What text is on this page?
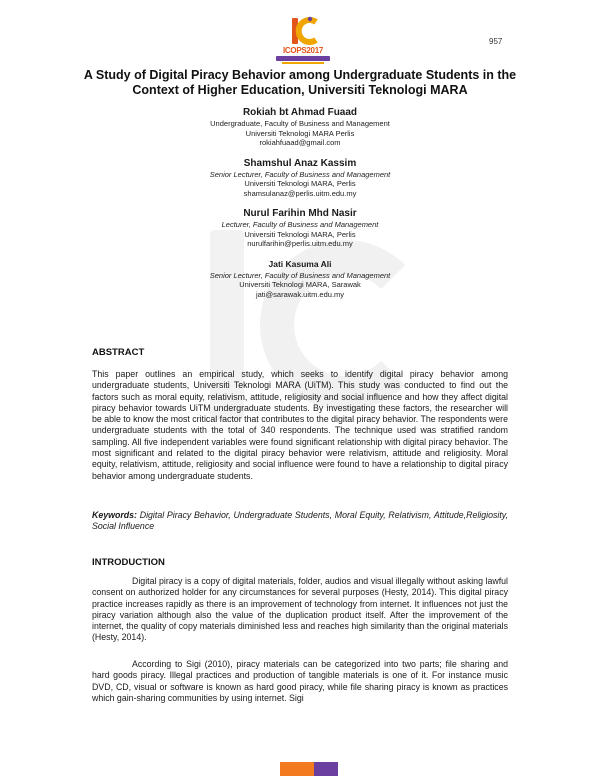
ICOPS2017
957
A Study of Digital Piracy Behavior among Undergraduate Students in the Context of Higher Education, Universiti Teknologi MARA
Rokiah bt Ahmad Fuaad
Undergraduate, Faculty of Business and Management
Universiti Teknologi MARA Perlis
rokiahfuaad@gmail.com
Shamshul Anaz Kassim
Senior Lecturer, Faculty of Business and Management
Universiti Teknologi MARA, Perlis
shamsulanaz@perlis.uitm.edu.my
Nurul Farihin Mhd Nasir
Lecturer, Faculty of Business and Management
Universiti Teknologi MARA, Perlis
nurulfarihin@perlis.uitm.edu.my
Jati Kasuma Ali
Senior Lecturer, Faculty of Business and Management
Universiti Teknologi MARA, Sarawak
jati@sarawak.uitm.edu.my
ABSTRACT

This paper outlines an empirical study, which seeks to identify digital piracy behavior among undergraduate students, Universiti Teknologi MARA (UiTM). This study was conducted to find out the factors such as moral equity, relativism, attitude, religiosity and social influence and how they affect digital piracy behavior towards UiTM undergraduate students. By investigating these factors, the researcher will be able to know the most critical factor that contributes to the digital piracy behavior. The respondents were undergraduate students with the total of 340 respondents. The technique used was stratified random sampling. All five independent variables were found significant relationship with digital piracy behavior. The most significant and related to the digital piracy behavior were relativism, attitude and religiosity. Moral equity, relativism, attitude, religiosity and social influence were found to have a relationship to digital piracy behavior among undergraduate students.

Keywords: Digital Piracy Behavior, Undergraduate Students, Moral Equity, Relativism, Attitude,Religiosity, Social Influence

INTRODUCTION

Digital piracy is a copy of digital materials, folder, audios and visual illegally without asking lawful consent on authorized holder for any circumstances for several purposes (Hesty, 2014). This digital piracy practice increases rapidly as there is an improvement of technology from internet. It influences not just the piracy variation although also the value of the duplication product itself. After the improvement of the internet, the quality of copy materials diminished less and reaches high similarity than the original materials (Hesty, 2014).

According to Sigi (2010), piracy materials can be categorized into two parts; file sharing and hard goods piracy. Illegal practices and production of tangible materials is one of it. For instance music DVD, CD, visual or software is known as hard good piracy, while file sharing piracy is known as practices which gain-sharing communities by using internet. Sigi
